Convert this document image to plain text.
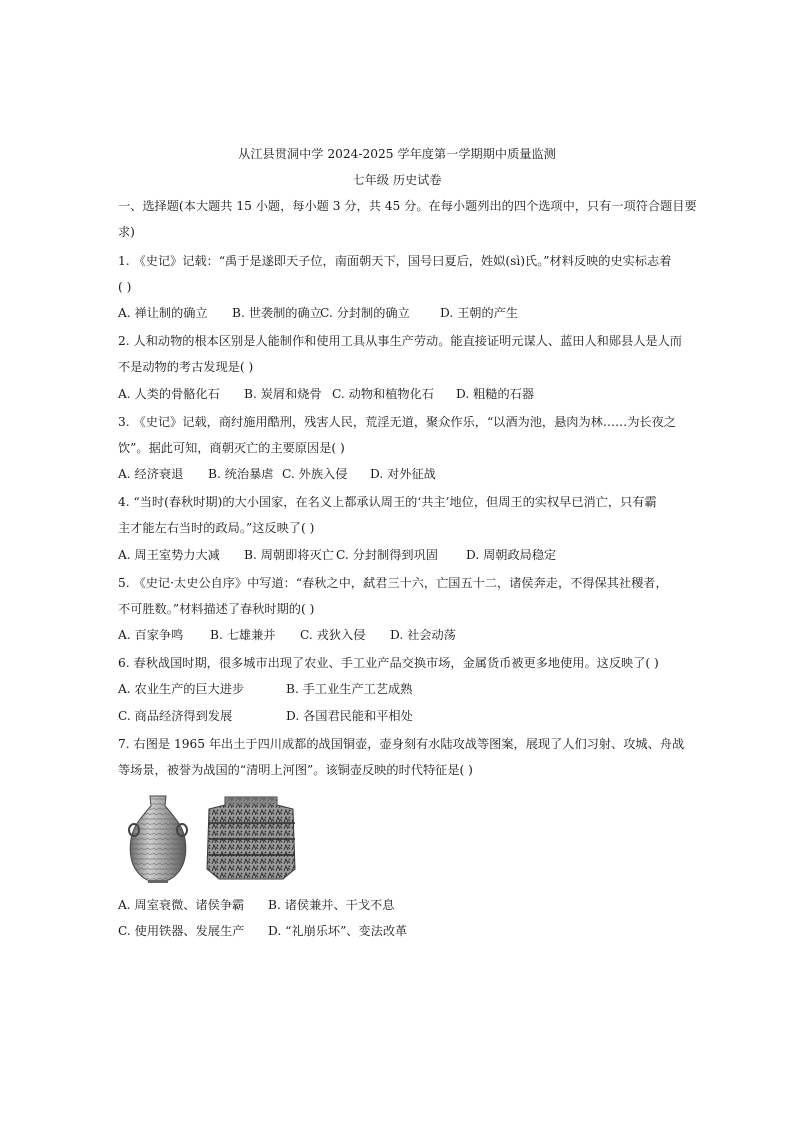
从江县贯洞中学 2024-2025 学年度第一学期期中质量监测
七年级 历史试卷
一、选择题(本大题共 15 小题，每小题 3 分，共 45 分。在每小题列出的四个选项中，只有一项符合题目要
求)
1. 《史记》记载：“禹于是遂即天子位，南面朝天下，国号曰夏后，姓姒(sì)氏。”材料反映的史实标志着
( )
A. 禅让制的确立 B. 世袭制的确立
C. 分封制的确立 D. 王朝的产生
2. 人和动物的根本区别是人能制作和使用工具从事生产劳动。能直接证明元谋人、蓝田人和郧县人是人而
不是动物的考古发现是( )
A. 人类的骨骼化石 B. 炭屑和烧骨 C. 动物和植物化石 D. 粗糙的石器
3. 《史记》记载，商纣施用酷刑，残害人民，荒淫无道，聚众作乐，“以酒为池，悬肉为林……为长夜之
饮”。据此可知，商朝灭亡的主要原因是( )
A. 经济衰退 B. 统治暴虐 C. 外族入侵 D. 对外征战
4. “当时(春秋时期)的大小国家，在名义上都承认周王的‘共主’地位，但周王的实权早已消亡，只有霸
主才能左右当时的政局。”这反映了( )
A. 周王室势力大减 B. 周朝即将灭亡 C. 分封制得到巩固 D. 周朝政局稳定
5. 《史记·太史公自序》中写道：“春秋之中，弑君三十六，亡国五十二，诸侯奔走，不得保其社稷者，
不可胜数。”材料描述了春秋时期的( )
A. 百家争鸣 B. 七雄兼并 C. 戎狄入侵 D. 社会动荡
6. 春秋战国时期，很多城市出现了农业、手工业产品交换市场，金属货币被更多地使用。这反映了( )
A. 农业生产的巨大进步	B. 手工业生产工艺成熟
C. 商品经济得到发展	D. 各国君民能和平相处
7. 右图是 1965 年出土于四川成都的战国铜壶，壶身刻有水陆攻战等图案，展现了人们习射、攻城、舟战
等场景，被誉为战国的“清明上河图”。该铜壶反映的时代特征是( )
A. 周室衰微、诸侯争霸 B. 诸侯兼并、干戈不息
C. 使用铁器、发展生产 D. “礼崩乐坏”、变法改革
